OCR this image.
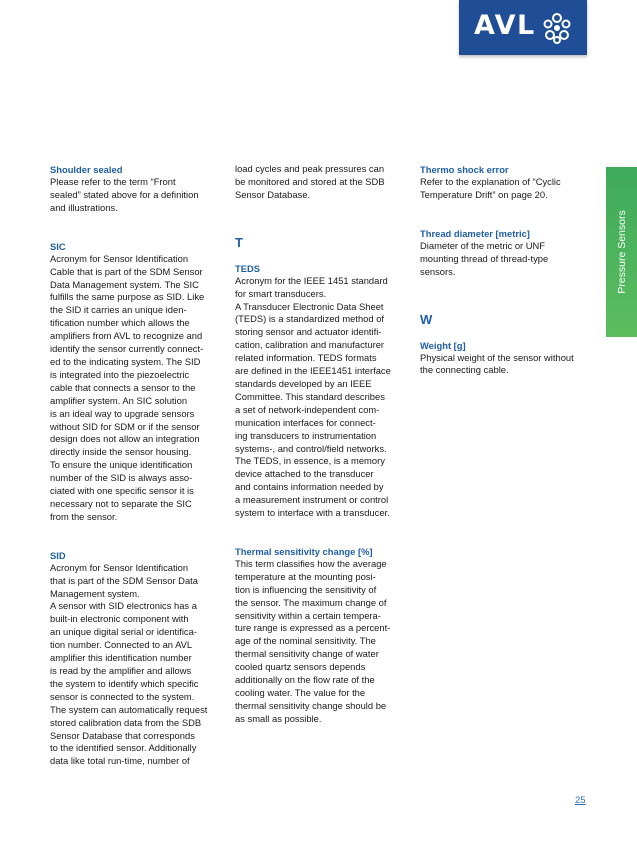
AVL
Pressure Sensors
Shoulder sealed
Please refer to the term “Front
sealed” stated above for a definition
and illustrations.
SIC
Acronym for Sensor Identification
Cable that is part of the SDM Sensor
Data Management system. The SIC
fulfills the same purpose as SID. Like
the SID it carries an unique iden-
tification number which allows the
amplifiers from AVL to recognize and
identify the sensor currently connect-
ed to the indicating system. The SID
is integrated into the piezoelectric
cable that connects a sensor to the
amplifier system. An SIC solution
is an ideal way to upgrade sensors
without SID for SDM or if the sensor
design does not allow an integration
directly inside the sensor housing.
To ensure the unique identification
number of the SID is always asso-
ciated with one specific sensor it is
necessary not to separate the SIC
from the sensor.
SID
Acronym for Sensor Identification
that is part of the SDM Sensor Data
Management system.
A sensor with SID electronics has a
built-in electronic component with
an unique digital serial or identifica-
tion number. Connected to an AVL
amplifier this identification number
is read by the amplifier and allows
the system to identify which specific
sensor is connected to the system.
The system can automatically request
stored calibration data from the SDB
Sensor Database that corresponds
to the identified sensor. Additionally
data like total run-time, number of
load cycles and peak pressures can
be monitored and stored at the SDB
Sensor Database.
T
TEDS
Acronym for the IEEE 1451 standard
for smart transducers.
A Transducer Electronic Data Sheet
(TEDS) is a standardized method of
storing sensor and actuator identifi-
cation, calibration and manufacturer
related information. TEDS formats
are defined in the IEEE1451 interface
standards developed by an IEEE
Committee. This standard describes
a set of network-independent com-
munication interfaces for connect-
ing transducers to instrumentation
systems-, and control/field networks.
The TEDS, in essence, is a memory
device attached to the transducer
and contains information needed by
a measurement instrument or control
system to interface with a transducer.
Thermal sensitivity change [%]
This term classifies how the average
temperature at the mounting posi-
tion is influencing the sensitivity of
the sensor. The maximum change of
sensitivity within a certain tempera-
ture range is expressed as a percent-
age of the nominal sensitivity. The
thermal sensitivity change of water
cooled quartz sensors depends
additionally on the flow rate of the
cooling water. The value for the
thermal sensitivity change should be
as small as possible.
Thermo shock error
Refer to the explanation of “Cyclic
Temperature Drift” on page 20.
Thread diameter [metric]
Diameter of the metric or UNF
mounting thread of thread-type
sensors.
W
Weight [g]
Physical weight of the sensor without
the connecting cable.
25
